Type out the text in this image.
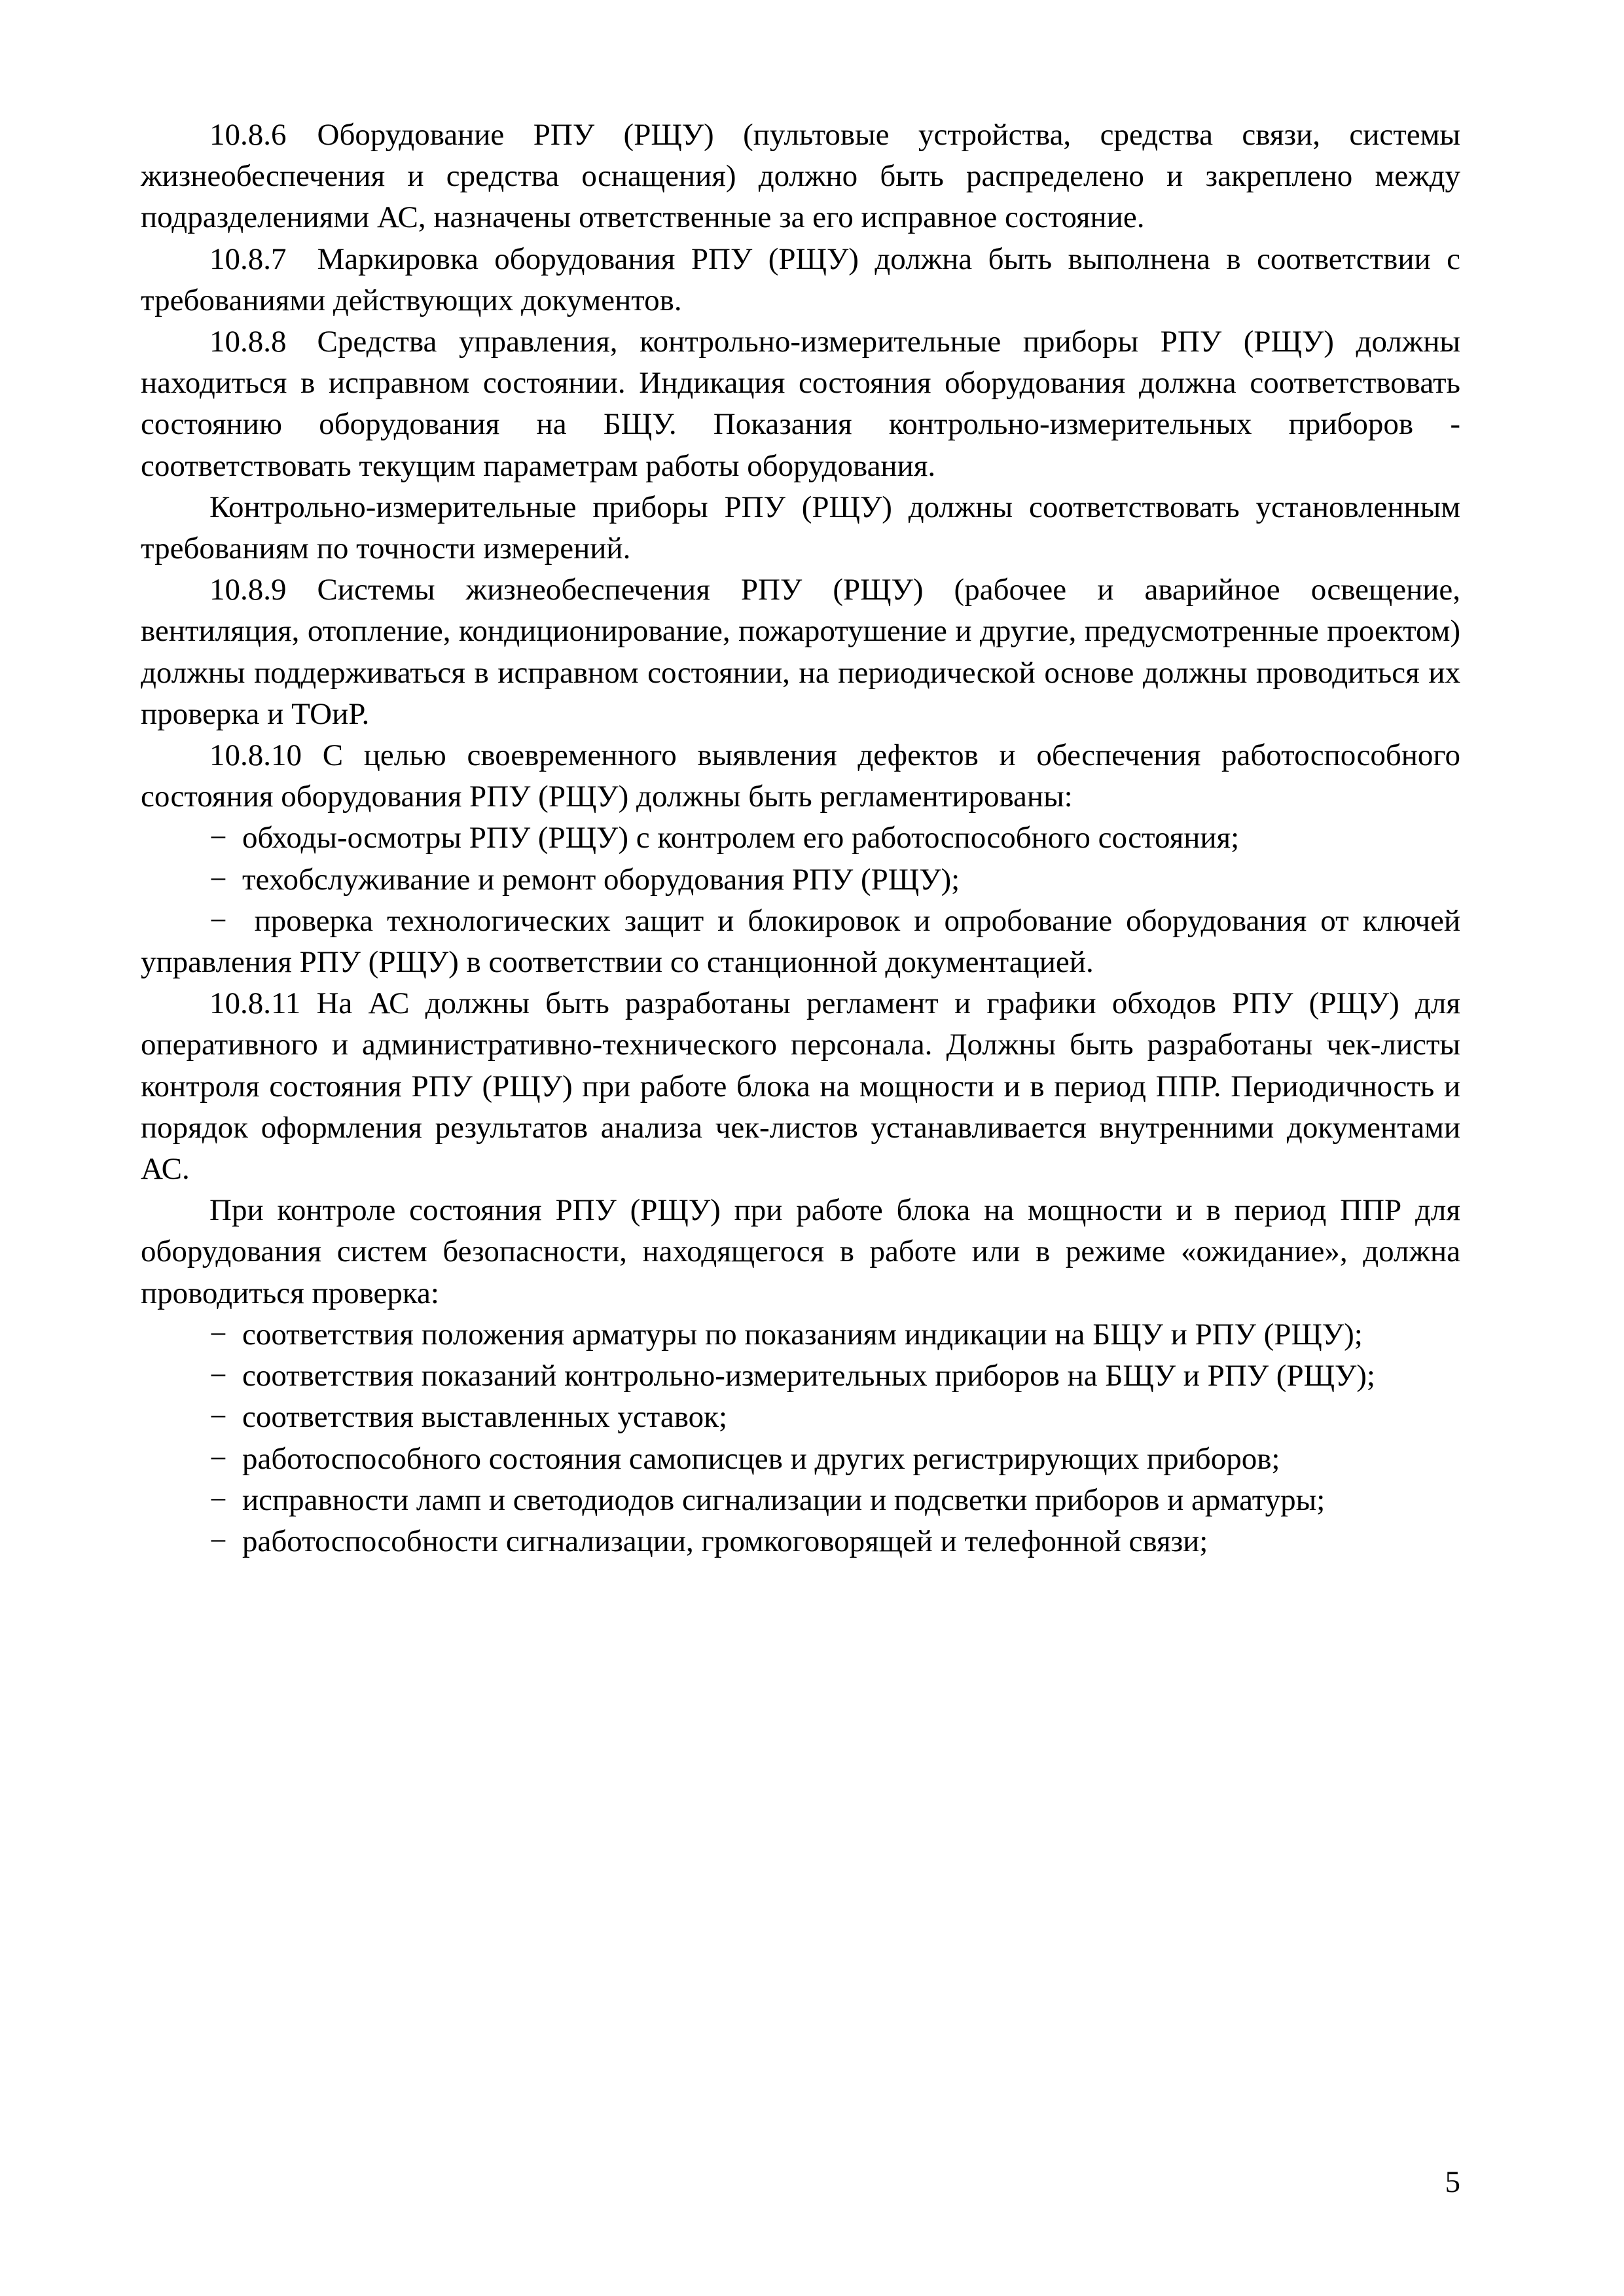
10.8.6 Оборудование РПУ (РЩУ) (пультовые устройства, средства связи, системы жизнеобеспечения и средства оснащения) должно быть распределено и закреплено между подразделениями АС, назначены ответственные за его исправное состояние.

10.8.7 Маркировка оборудования РПУ (РЩУ) должна быть выполнена в соответствии с требованиями действующих документов.

10.8.8 Средства управления, контрольно-измерительные приборы РПУ (РЩУ) должны находиться в исправном состоянии. Индикация состояния оборудования должна соответствовать состоянию оборудования на БЩУ. Показания контрольно-измерительных приборов - соответствовать текущим параметрам работы оборудования.

Контрольно-измерительные приборы РПУ (РЩУ) должны соответствовать установленным требованиям по точности измерений.

10.8.9 Системы жизнеобеспечения РПУ (РЩУ) (рабочее и аварийное освещение, вентиляция, отопление, кондиционирование, пожаротушение и другие, предусмотренные проектом) должны поддерживаться в исправном состоянии, на периодической основе должны проводиться их проверка и ТОиР.

10.8.10 С целью своевременного выявления дефектов и обеспечения работоспособного состояния оборудования РПУ (РЩУ) должны быть регламентированы:

−  обходы-осмотры РПУ (РЩУ) с контролем его работоспособного состояния;

−  техобслуживание и ремонт оборудования РПУ (РЩУ);

−  проверка технологических защит и блокировок и опробование оборудования от ключей управления РПУ (РЩУ) в соответствии со станционной документацией.

10.8.11 На АС должны быть разработаны регламент и графики обходов РПУ (РЩУ) для оперативного и административно-технического персонала. Должны быть разработаны чек-листы контроля состояния РПУ (РЩУ) при работе блока на мощности и в период ППР. Периодичность и порядок оформления результатов анализа чек-листов устанавливается внутренними документами АС.

При контроле состояния РПУ (РЩУ) при работе блока на мощности и в период ППР для оборудования систем безопасности, находящегося в работе или в режиме «ожидание», должна проводиться проверка:

−  соответствия положения арматуры по показаниям индикации на БЩУ и РПУ (РЩУ);

−  соответствия показаний контрольно-измерительных приборов на БЩУ и РПУ (РЩУ);

−  соответствия выставленных уставок;

−  работоспособного состояния самописцев и других регистрирующих приборов;

−  исправности ламп и светодиодов сигнализации и подсветки приборов и арматуры;

−  работоспособности сигнализации, громкоговорящей и телефонной связи;

5
